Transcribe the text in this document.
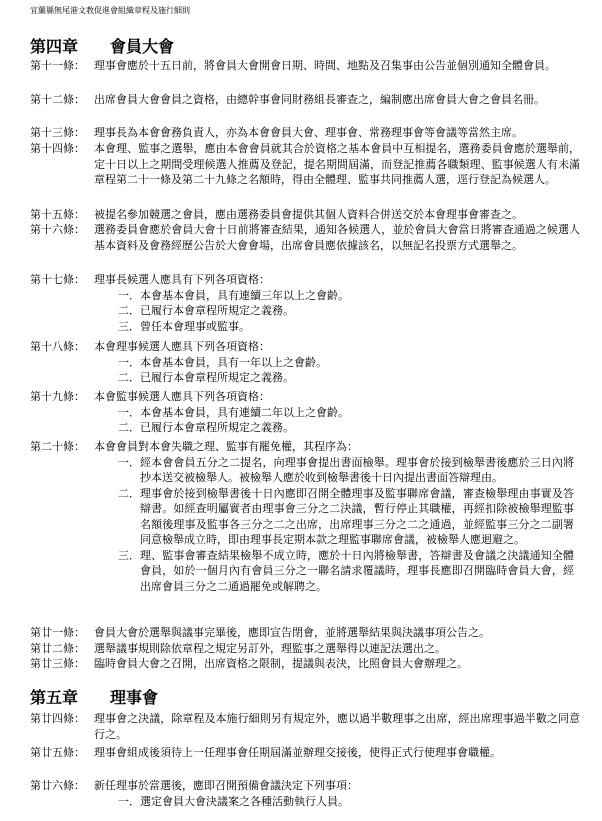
宜蘭縣無尾港文教促進會組織章程及施行細則
第四章 會員大會
第十一條： 理事會應於十五日前，將會員大會開會日期、時間、地點及召集事由公告並個別通知全體會員。
第十二條： 出席會員大會會員之資格，由總幹事會同財務組長審查之，編制應出席會員大會之會員名冊。
第十三條： 理事長為本會會務負責人，亦為本會會員大會、理事會、常務理事會等會議等當然主席。
第十四條： 本會理、監事之選舉，應由本會會員就其合於資格之基本會員中互相提名，選務委員會應於選舉前，定十日以上之期間受理候選人推薦及登記，提名期間屆滿，而登記推薦各職類理、監事候選人有未滿章程第二十一條及第二十九條之名額時，得由全體理、監事共同推薦人選，逕行登記為候選人。
第十五條： 被提名參加競選之會員，應由選務委員會提供其個人資料合併送交於本會理事會審查之。
第十六條： 選務委員會應於會員大會十日前將審查結果，通知各候選人，並於會員大會當日將審查通過之候選人基本資料及會務經歷公告於大會會場，出席會員應依據該名，以無記名投票方式選舉之。
第十七條： 理事長候選人應具有下列各項資格：
一． 本會基本會員，具有連續三年以上之會齡。
二． 已履行本會章程所規定之義務。
三． 曾任本會理事或監事。
第十八條： 本會理事候選人應具下列各項資格：
一． 本會基本會員，具有一年以上之會齡。
二． 已履行本會章程所規定之義務。
第十九條： 本會監事候選人應具下列各項資格：
一． 本會基本會員，具有連續二年以上之會齡。
二． 已履行本會章程所規定之義務。
第二十條： 本會會員對本會失職之理、監事有罷免權，其程序為：
一． 經本會會員五分之二提名，向理事會提出書面檢舉。理事會於接到檢舉書後應於三日內將抄本送交被檢舉人。被檢舉人應於收到檢舉書後十日內提出書面答辯理由。
二． 理事會於接到檢舉書後十日內應即召開全體理事及監事聯席會議，審查檢舉理由事實及答辯書。如經查明屬實者由理事會三分之二決議，暫行停止其職權，再經扣除被檢舉理監事名額後理事及監事各三分之二之出席，出席理事三分之二之通過，並經監事三分之二副署同意檢舉成立時，即由理事長定期本款之理監事聯席會議，被檢舉人應迴避之。
三． 理、監事會審查結果檢舉不成立時，應於十日內將檢舉書，答辯書及會議之決議通知全體會員，如於一個月內有會員三分之一聯名請求覆議時，理事長應即召開臨時會員大會，經出席會員三分之二通過罷免或解聘之。
第廿一條： 會員大會於選舉與議事完畢後，應即宣告閉會，並將選舉結果與決議事項公告之。
第廿二條： 選舉議事規則除依章程之規定另訂外，理監事之選舉得以連記法選出之。
第廿三條： 臨時會員大會之召開，出席資格之限制，提議與表決，比照會員大會辦理之。
第五章 理事會
第廿四條： 理事會之決議，除章程及本施行細則另有規定外，應以過半數理事之出席，經出席理事過半數之同意行之。
第廿五條： 理事會組成後須待上一任理事會任期屆滿並辦理交接後，使得正式行使理事會職權。
第廿六條： 新任理事於當選後，應即召開預備會議決定下列事項：
一． 選定會員大會決議案之各種活動執行人員。
